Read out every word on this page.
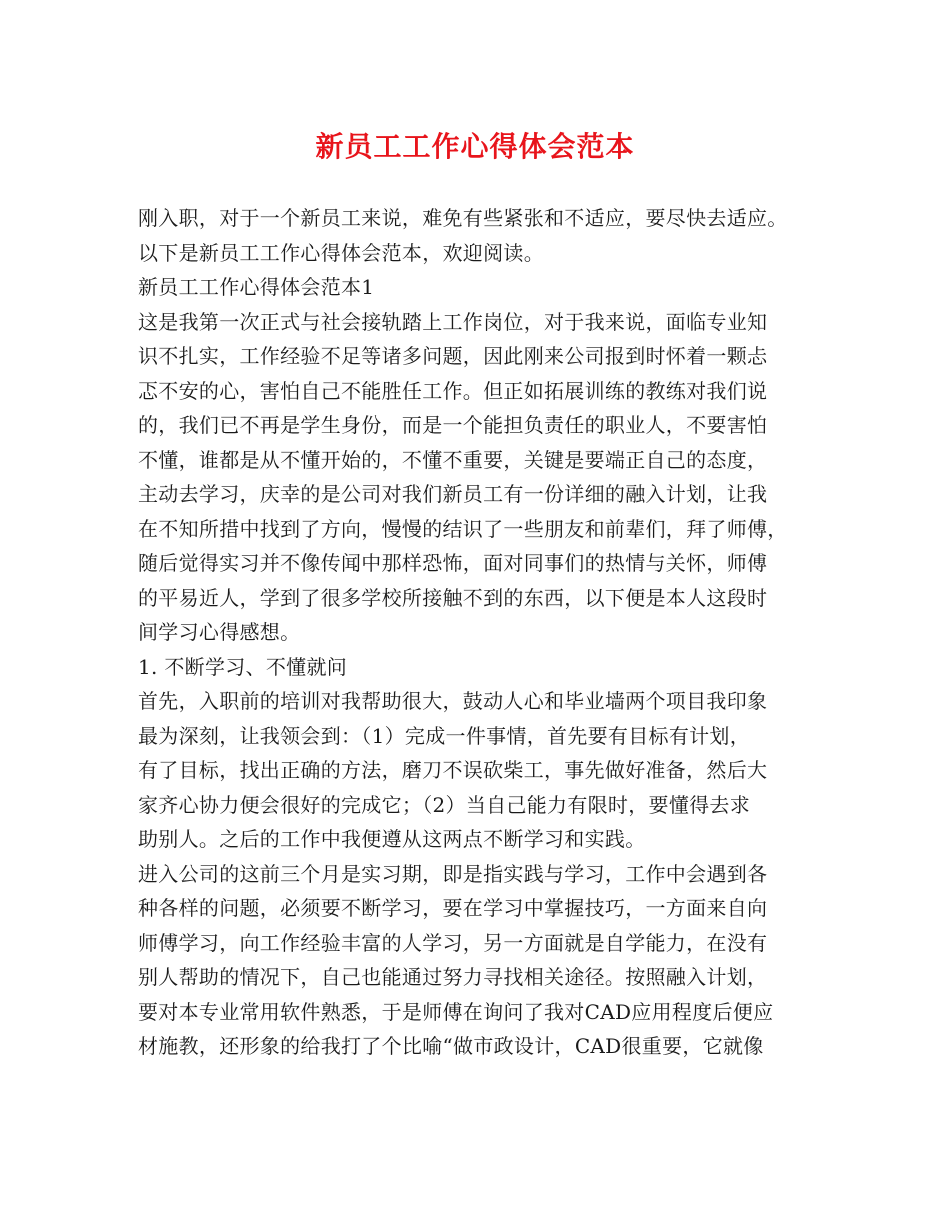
新员工工作心得体会范本
刚入职，对于一个新员工来说，难免有些紧张和不适应，要尽快去适应。
以下是新员工工作心得体会范本，欢迎阅读。
新员工工作心得体会范本1
这是我第一次正式与社会接轨踏上工作岗位，对于我来说，面临专业知
识不扎实，工作经验不足等诸多问题，因此刚来公司报到时怀着一颗忐
忑不安的心，害怕自己不能胜任工作。但正如拓展训练的教练对我们说
的，我们已不再是学生身份，而是一个能担负责任的职业人，不要害怕
不懂，谁都是从不懂开始的，不懂不重要，关键是要端正自己的态度，
主动去学习，庆幸的是公司对我们新员工有一份详细的融入计划，让我
在不知所措中找到了方向，慢慢的结识了一些朋友和前辈们，拜了师傅，
随后觉得实习并不像传闻中那样恐怖，面对同事们的热情与关怀，师傅
的平易近人，学到了很多学校所接触不到的东西，以下便是本人这段时
间学习心得感想。
1. 不断学习、不懂就问
首先，入职前的培训对我帮助很大，鼓动人心和毕业墙两个项目我印象
最为深刻，让我领会到：（1）完成一件事情，首先要有目标有计划，
有了目标，找出正确的方法，磨刀不误砍柴工，事先做好准备，然后大
家齐心协力便会很好的完成它；（2）当自己能力有限时，要懂得去求
助别人。之后的工作中我便遵从这两点不断学习和实践。
进入公司的这前三个月是实习期，即是指实践与学习，工作中会遇到各
种各样的问题，必须要不断学习，要在学习中掌握技巧，一方面来自向
师傅学习，向工作经验丰富的人学习，另一方面就是自学能力，在没有
别人帮助的情况下，自己也能通过努力寻找相关途径。按照融入计划，
要对本专业常用软件熟悉，于是师傅在询问了我对CAD应用程度后便应
材施教，还形象的给我打了个比喻“做市政设计，CAD很重要，它就像
